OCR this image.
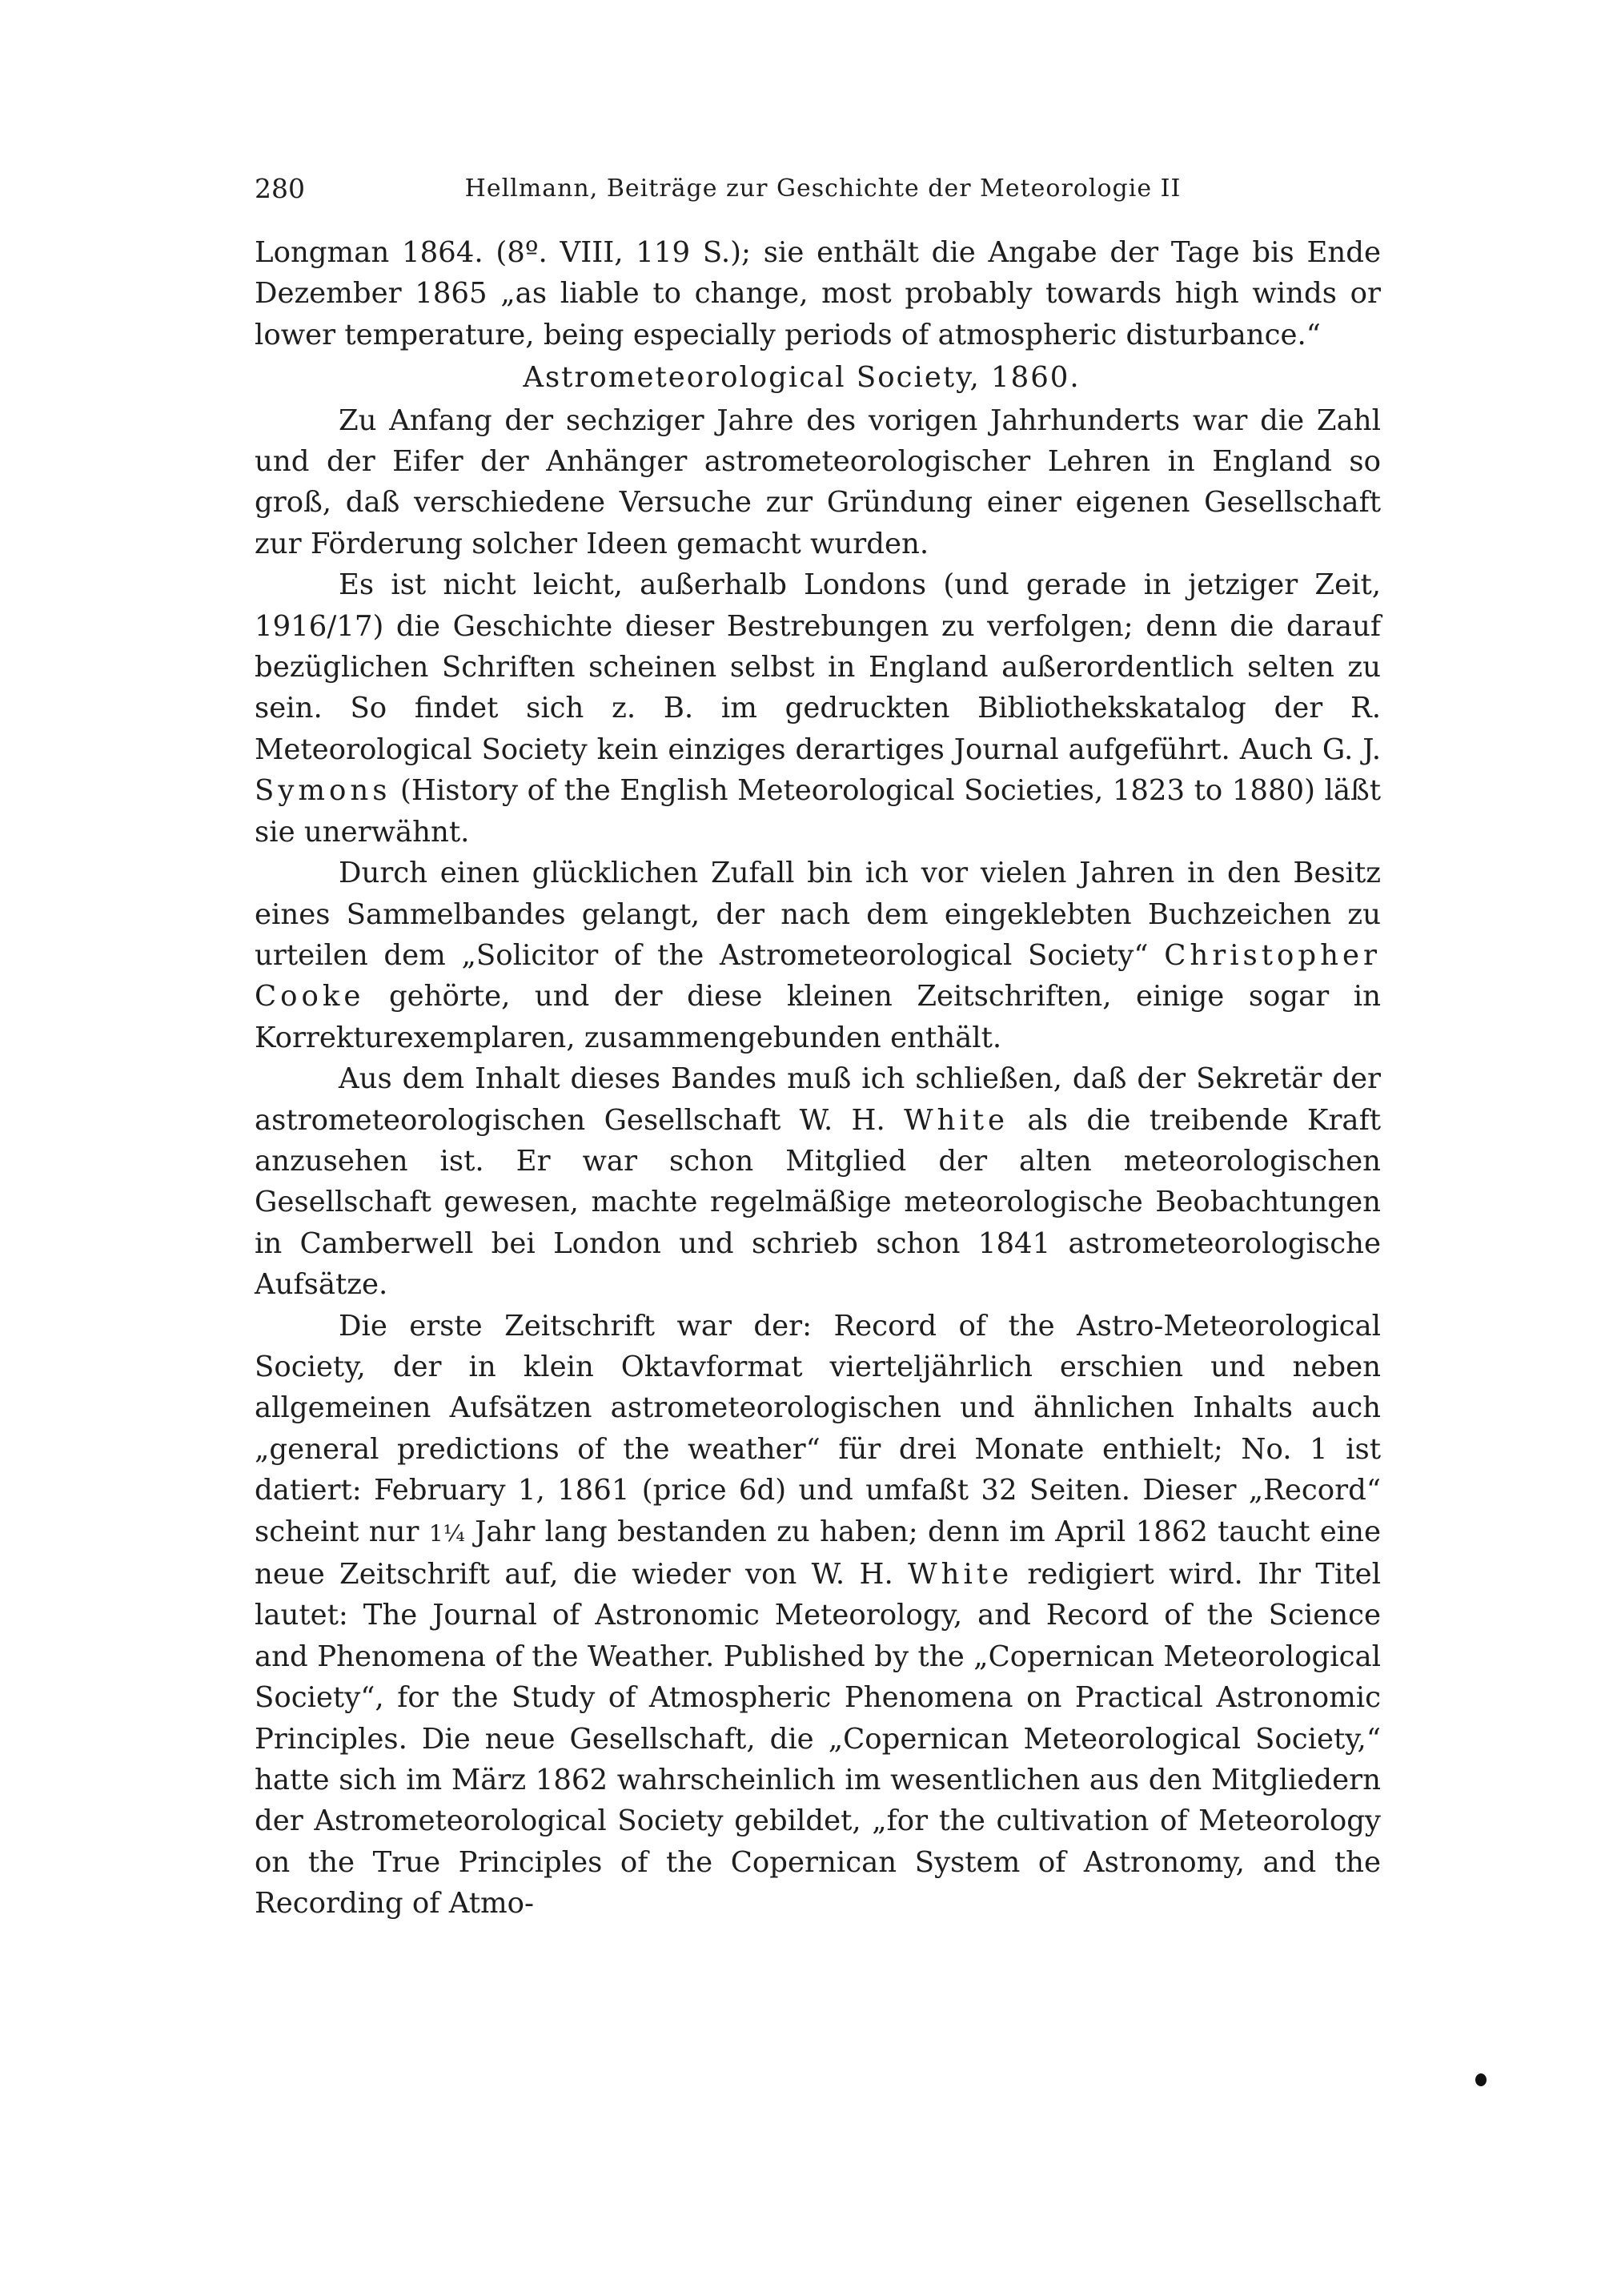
280	Hellmann, Beiträge zur Geschichte der Meteorologie II

Longman 1864. (8º. VIII, 119 S.); sie enthält die Angabe der Tage bis Ende Dezember 1865 „as liable to change, most probably towards high winds or lower temperature, being especially periods of atmospheric disturbance.“

Astrometeorological Society, 1860.

Zu Anfang der sechziger Jahre des vorigen Jahrhunderts war die Zahl und der Eifer der Anhänger astrometeorologischer Lehren in England so groß, daß verschiedene Versuche zur Gründung einer eigenen Gesellschaft zur Förderung solcher Ideen gemacht wurden.

Es ist nicht leicht, außerhalb Londons (und gerade in jetziger Zeit, 1916/17) die Geschichte dieser Bestrebungen zu verfolgen; denn die darauf bezüglichen Schriften scheinen selbst in England außerordentlich selten zu sein. So findet sich z. B. im gedruckten Bibliothekskatalog der R. Meteorological Society kein einziges derartiges Journal aufgeführt. Auch G. J. Symons (History of the English Meteorological Societies, 1823 to 1880) läßt sie unerwähnt.

Durch einen glücklichen Zufall bin ich vor vielen Jahren in den Besitz eines Sammelbandes gelangt, der nach dem eingeklebten Buchzeichen zu urteilen dem „Solicitor of the Astrometeorological Society“ Christopher Cooke gehörte, und der diese kleinen Zeitschriften, einige sogar in Korrekturexemplaren, zusammengebunden enthält.

Aus dem Inhalt dieses Bandes muß ich schließen, daß der Sekretär der astrometeorologischen Gesellschaft W. H. White als die treibende Kraft anzusehen ist. Er war schon Mitglied der alten meteorologischen Gesellschaft gewesen, machte regelmäßige meteorologische Beobachtungen in Camberwell bei London und schrieb schon 1841 astrometeorologische Aufsätze.

Die erste Zeitschrift war der: Record of the Astro-Meteorological Society, der in klein Oktavformat vierteljährlich erschien und neben allgemeinen Aufsätzen astrometeorologischen und ähnlichen Inhalts auch „general predictions of the weather“ für drei Monate enthielt; No. 1 ist datiert: February 1, 1861 (price 6d) und umfaßt 32 Seiten. Dieser „Record“ scheint nur 1¼ Jahr lang bestanden zu haben; denn im April 1862 taucht eine neue Zeitschrift auf, die wieder von W. H. White redigiert wird. Ihr Titel lautet: The Journal of Astronomic Meteorology, and Record of the Science and Phenomena of the Weather. Published by the „Copernican Meteorological Society“, for the Study of Atmospheric Phenomena on Practical Astronomic Principles. Die neue Gesellschaft, die „Copernican Meteorological Society,“ hatte sich im März 1862 wahrscheinlich im wesentlichen aus den Mitgliedern der Astrometeorological Society gebildet, „for the cultivation of Meteorology on the True Principles of the Copernican System of Astronomy, and the Recording of Atmo-
